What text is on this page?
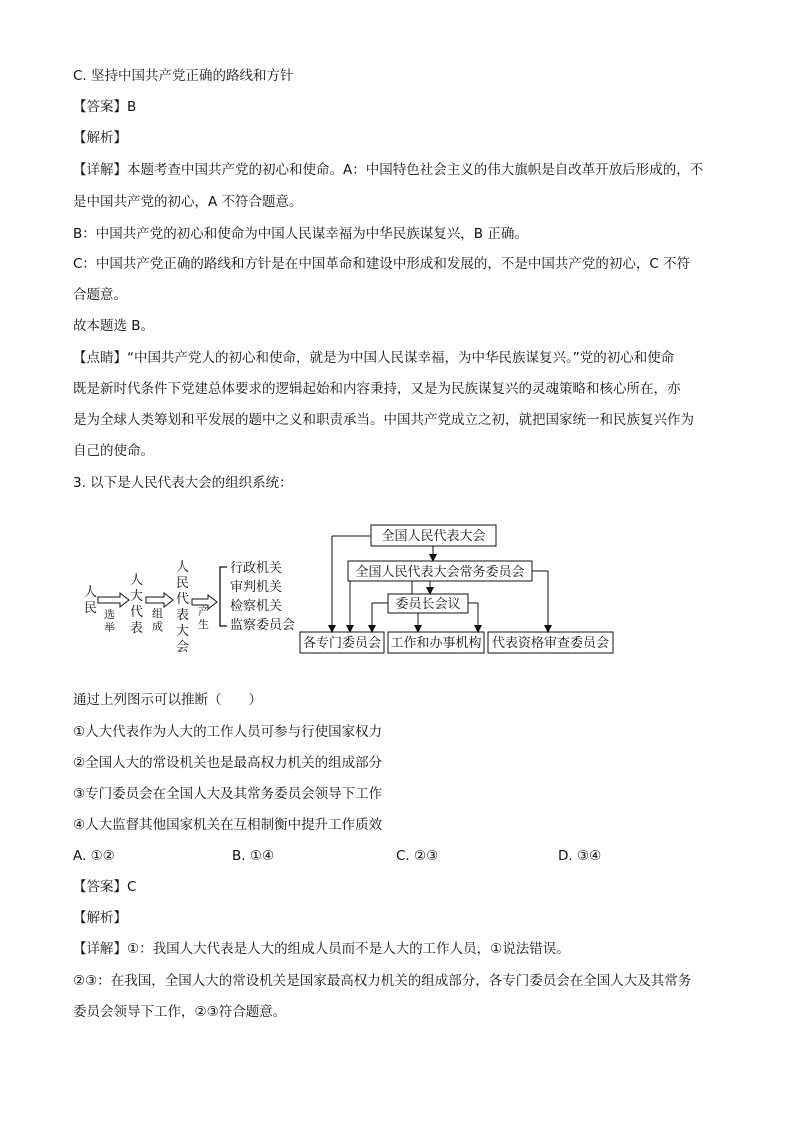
C. 坚持中国共产党正确的路线和方针
【答案】B
【解析】
【详解】本题考查中国共产党的初心和使命。A：中国特色社会主义的伟大旗帜是自改革开放后形成的，不
是中国共产党的初心，A 不符合题意。
B：中国共产党的初心和使命为中国人民谋幸福为中华民族谋复兴，B 正确。
C：中国共产党正确的路线和方针是在中国革命和建设中形成和发展的，不是中国共产党的初心，C 不符
合题意。
故本题选 B。
【点睛】“中国共产党人的初心和使命，就是为中国人民谋幸福，为中华民族谋复兴。”党的初心和使命
既是新时代条件下党建总体要求的逻辑起始和内容秉持，又是为民族谋复兴的灵魂策略和核心所在，亦
是为全球人类筹划和平发展的题中之义和职责承当。中国共产党成立之初，就把国家统一和民族复兴作为
自己的使命。
3. 以下是人民代表大会的组织系统：
人
民 选
举
人
大
代
表
组
成
人
民
代
表
大
会
产
生
行政机关
审判机关
检察机关
监察委员会
全国人民代表大会
全国人民代表大会常务委员会
委员长会议
各专门委员会 工作和办事机构 代表资格审查委员会
通过上列图示可以推断（　　）
①人大代表作为人大的工作人员可参与行使国家权力
②全国人大的常设机关也是最高权力机关的组成部分
③专门委员会在全国人大及其常务委员会领导下工作
④人大监督其他国家机关在互相制衡中提升工作质效
A. ①②	B. ①④	C. ②③	D. ③④
【答案】C
【解析】
【详解】①：我国人大代表是人大的组成人员而不是人大的工作人员，①说法错误。
②③：在我国，全国人大的常设机关是国家最高权力机关的组成部分，各专门委员会在全国人大及其常务
委员会领导下工作，②③符合题意。
